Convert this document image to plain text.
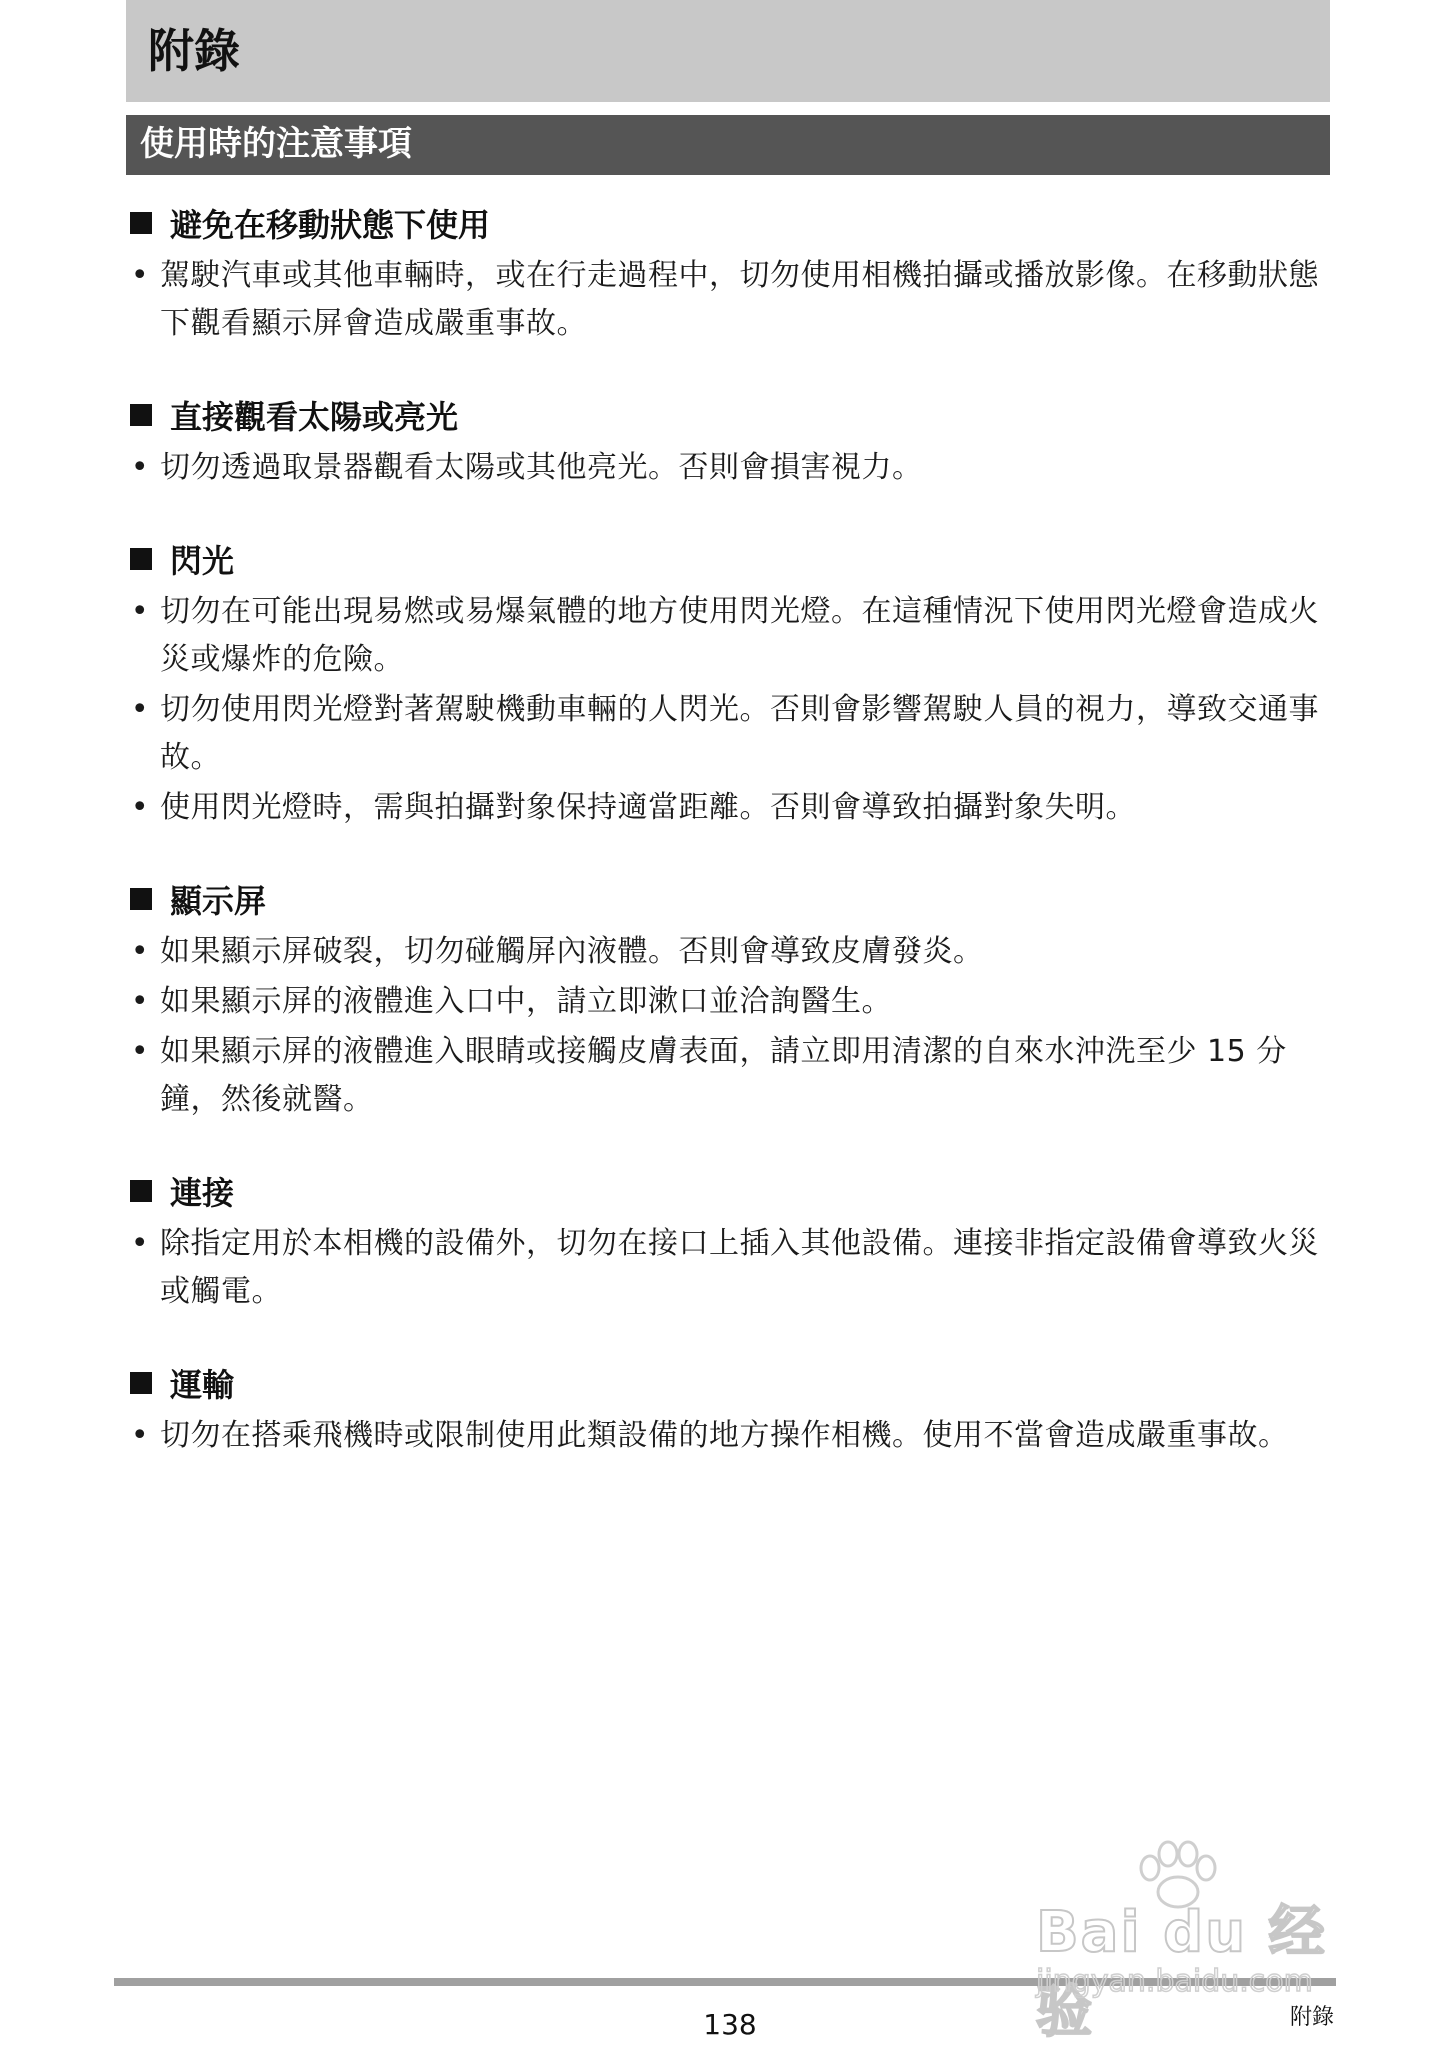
附錄
使用時的注意事項
避免在移動狀態下使用
• 駕駛汽車或其他車輛時，或在行走過程中，切勿使用相機拍攝或播放影像。在移動狀態下觀看顯示屏會造成嚴重事故。
直接觀看太陽或亮光
• 切勿透過取景器觀看太陽或其他亮光。否則會損害視力。
閃光
• 切勿在可能出現易燃或易爆氣體的地方使用閃光燈。在這種情況下使用閃光燈會造成火災或爆炸的危險。
• 切勿使用閃光燈對著駕駛機動車輛的人閃光。否則會影響駕駛人員的視力，導致交通事故。
• 使用閃光燈時，需與拍攝對象保持適當距離。否則會導致拍攝對象失明。
顯示屏
• 如果顯示屏破裂，切勿碰觸屏內液體。否則會導致皮膚發炎。
• 如果顯示屏的液體進入口中，請立即漱口並洽詢醫生。
• 如果顯示屏的液體進入眼睛或接觸皮膚表面，請立即用清潔的自來水沖洗至少 15 分鐘，然後就醫。
連接
• 除指定用於本相機的設備外，切勿在接口上插入其他設備。連接非指定設備會導致火災或觸電。
運輸
• 切勿在搭乘飛機時或限制使用此類設備的地方操作相機。使用不當會造成嚴重事故。
138	附錄
Bai du 经验
